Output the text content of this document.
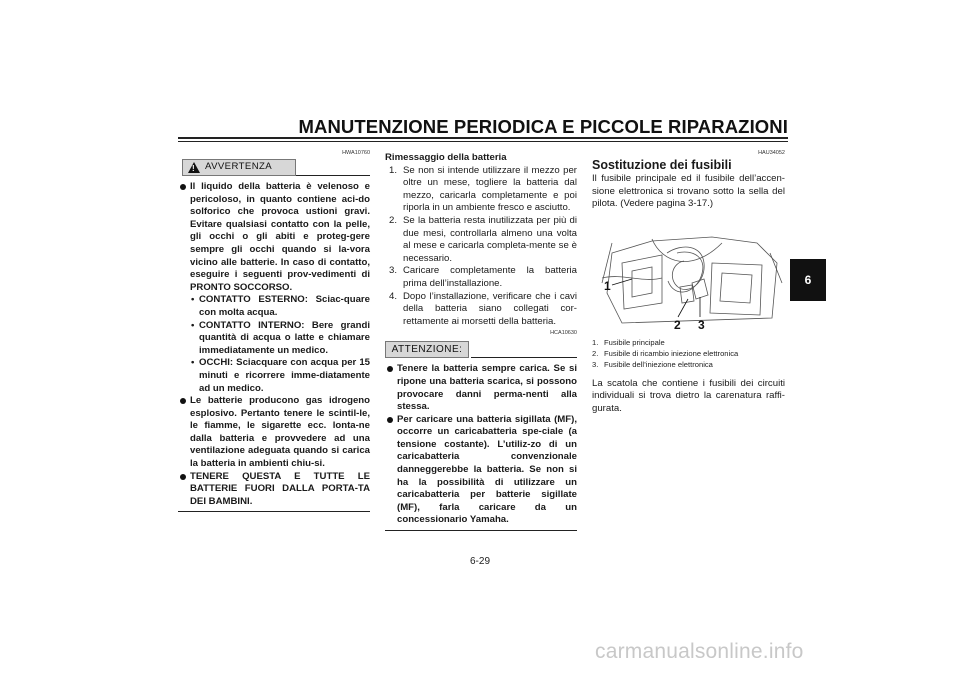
MANUTENZIONE PERIODICA E PICCOLE RIPARAZIONI
HWA10760
! AVVERTENZA

Il liquido della batteria è velenoso e pericoloso, in quanto contiene aci-do solforico che provoca ustioni gravi. Evitare qualsiasi contatto con la pelle, gli occhi o gli abiti e proteg-gere sempre gli occhi quando si la-vora vicino alle batterie. In caso di contatto, eseguire i seguenti prov-vedimenti di PRONTO SOCCORSO.

• CONTATTO ESTERNO: Sciac-quare con molta acqua.
• CONTATTO INTERNO: Bere grandi quantità di acqua o latte e chiamare immediatamente un medico.
• OCCHI: Sciacquare con acqua per 15 minuti e ricorrere imme-diatamente ad un medico.

Le batterie producono gas idrogeno esplosivo. Pertanto tenere le scintil-le, le fiamme, le sigarette ecc. lonta-ne dalla batteria e provvedere ad una ventilazione adeguata quando si carica la batteria in ambienti chiu-si.

TENERE QUESTA E TUTTE LE BATTERIE FUORI DALLA PORTA-TA DEI BAMBINI.

Rimessaggio della batteria
1. Se non si intende utilizzare il mezzo per oltre un mese, togliere la batteria dal mezzo, caricarla completamente e poi riporla in un ambiente fresco e asciutto.
2. Se la batteria resta inutilizzata per più di due mesi, controllarla almeno una volta al mese e caricarla completa-mente se è necessario.
3. Caricare completamente la batteria prima dell’installazione.
4. Dopo l’installazione, verificare che i cavi della batteria siano collegati cor-rettamente ai morsetti della batteria.
HCA10630
ATTENZIONE:

Tenere la batteria sempre carica. Se si ripone una batteria scarica, si possono provocare danni perma-nenti alla stessa.

Per caricare una batteria sigillata (MF), occorre un caricabatteria spe-ciale (a tensione costante). L’utiliz-zo di un caricabatteria convenzionale danneggerebbe la batteria. Se non si ha la possibilità di utilizzare un caricabatteria per batterie sigillate (MF), farla caricare da un concessionario Yamaha.

HAU34052
Sostituzione dei fusibili
Il fusibile principale ed il fusibile dell’accen-sione elettronica si trovano sotto la sella del pilota. (Vedere pagina 3-17.)
1
2 3
1. Fusibile principale
2. Fusibile di ricambio iniezione elettronica
3. Fusibile dell’iniezione elettronica
La scatola che contiene i fusibili dei circuiti individuali si trova dietro la carenatura raffi-gurata.
6
6-29
carmanualsonline.info
